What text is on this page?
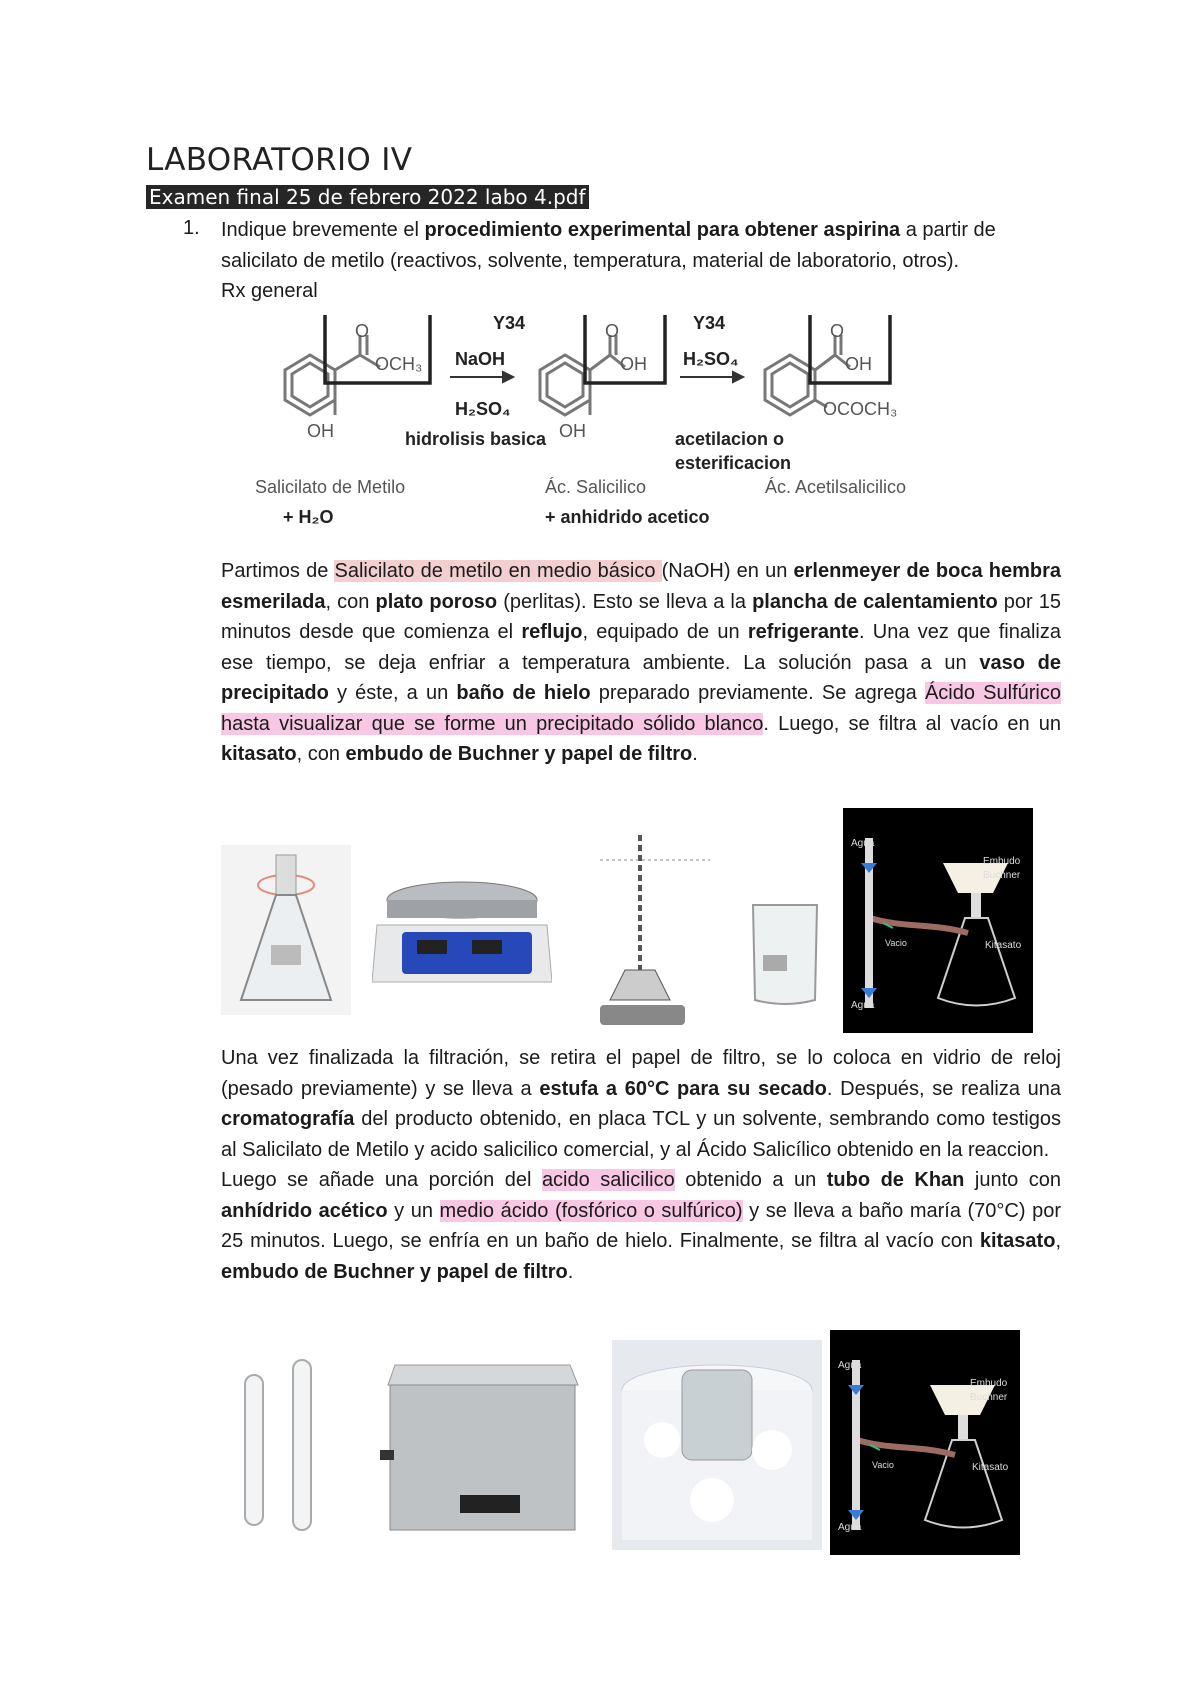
LABORATORIO IV
Examen final 25 de febrero 2022 labo 4.pdf
1. Indique brevemente el procedimiento experimental para obtener aspirina a partir de salicilato de metilo (reactivos, solvente, temperatura, material de laboratorio, otros).
Rx general
O
OCH₃
OH
O
OH
OH
O
OH
OCOCH₃
Salicilato de Metilo	Ác. Salicilico	Ác. Acetilsalicilico
Y34
NaOH
H₂SO₄
hidrolisis basica
Y34
H₂SO₄
acetilacion o
esterificacion
+ H₂O	+ anhidrido acetico
Partimos de Salicilato de metilo en medio básico (NaOH) en un erlenmeyer de boca hembra esmerilada, con plato poroso (perlitas). Esto se lleva a la plancha de calentamiento por 15 minutos desde que comienza el reflujo, equipado de un refrigerante. Una vez que finaliza ese tiempo, se deja enfriar a temperatura ambiente. La solución pasa a un vaso de precipitado y éste, a un baño de hielo preparado previamente. Se agrega Ácido Sulfúrico hasta visualizar que se forme un precipitado sólido blanco. Luego, se filtra al vacío en un kitasato, con embudo de Buchner y papel de filtro.
Agua
Embudo
Buchner
Vacio	Kitasato
Agua
Una vez finalizada la filtración, se retira el papel de filtro, se lo coloca en vidrio de reloj (pesado previamente) y se lleva a estufa a 60°C para su secado. Después, se realiza una cromatografía del producto obtenido, en placa TCL y un solvente, sembrando como testigos al Salicilato de Metilo y acido salicilico comercial, y al Ácido Salicílico obtenido en la reaccion.
Luego se añade una porción del acido salicilico obtenido a un tubo de Khan junto con anhídrido acético y un medio ácido (fosfórico o sulfúrico) y se lleva a baño maría (70°C) por 25 minutos. Luego, se enfría en un baño de hielo. Finalmente, se filtra al vacío con kitasato, embudo de Buchner y papel de filtro.
Agua
Embudo
Buchner
Vacio	Kitasato
Agua
